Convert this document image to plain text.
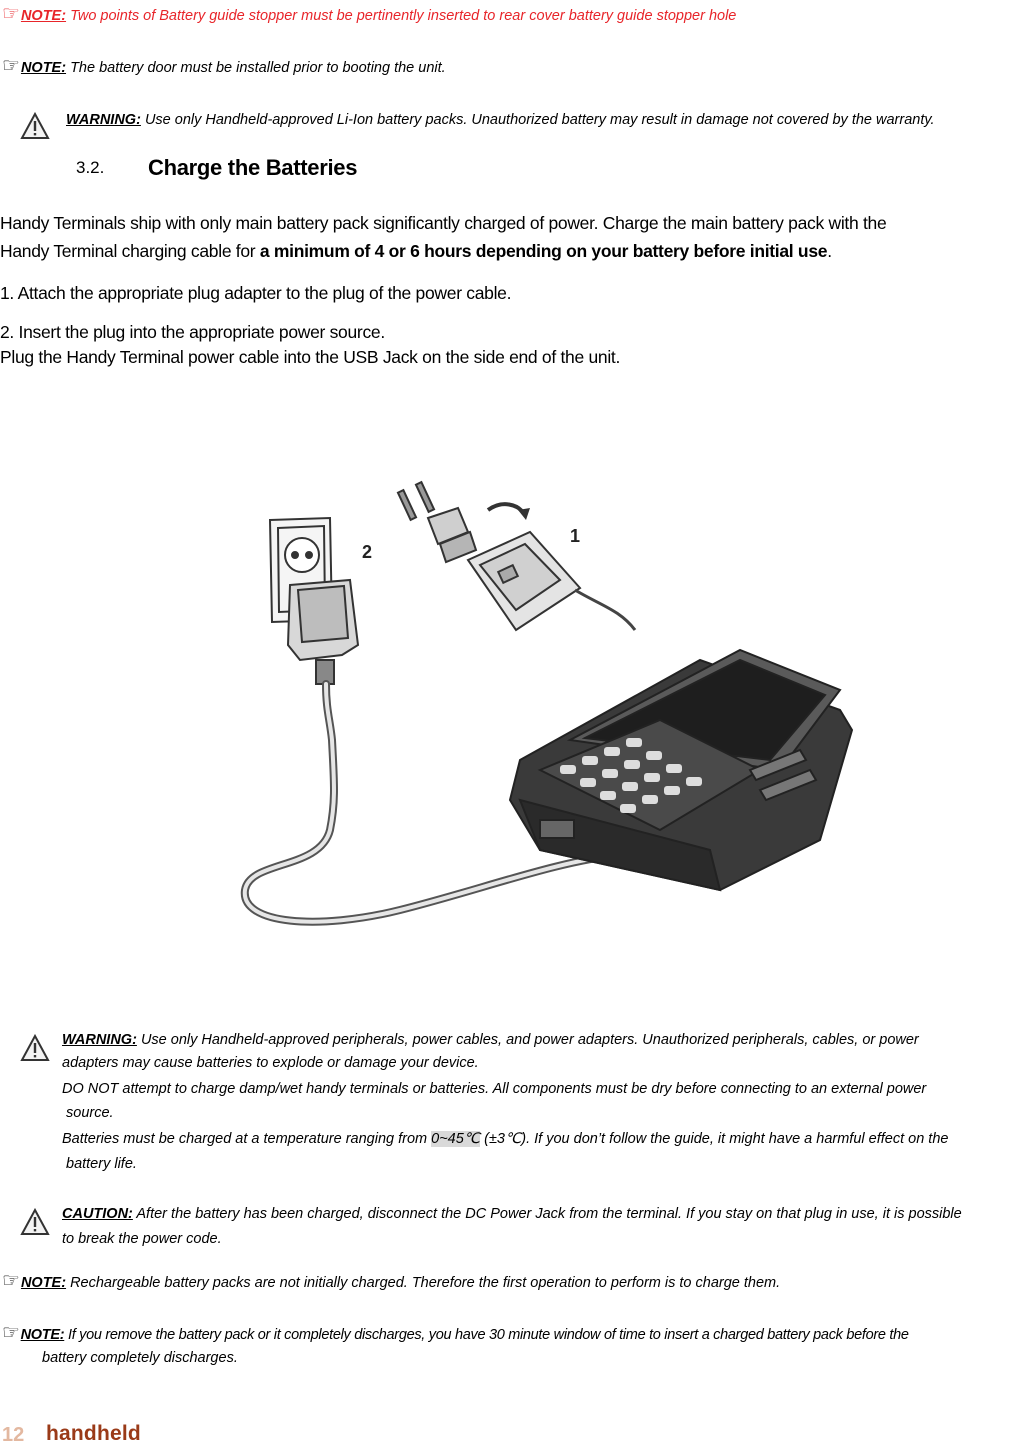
☞NOTE: Two points of Battery guide stopper must be pertinently inserted to rear cover battery guide stopper hole
☞NOTE: The battery door must be installed prior to booting the unit.
WARNING: Use only Handheld-approved Li-Ion battery packs. Unauthorized battery may result in damage not covered by the warranty.
3.2. Charge the Batteries
Handy Terminals ship with only main battery pack significantly charged of power. Charge the main battery pack with the
Handy Terminal charging cable for a minimum of 4 or 6 hours depending on your battery before initial use.
1. Attach the appropriate plug adapter to the plug of the power cable.
2. Insert the plug into the appropriate power source.
Plug the Handy Terminal power cable into the USB Jack on the side end of the unit.
2
1
WARNING: Use only Handheld-approved peripherals, power cables, and power adapters. Unauthorized peripherals, cables, or power
adapters may cause batteries to explode or damage your device.
DO NOT attempt to charge damp/wet handy terminals or batteries. All components must be dry before connecting to an external power
source.
Batteries must be charged at a temperature ranging from 0~45℃ (±3℃). If you don’t follow the guide, it might have a harmful effect on the
battery life.
CAUTION: After the battery has been charged, disconnect the DC Power Jack from the terminal. If you stay on that plug in use, it is possible
to break the power code.
☞NOTE: Rechargeable battery packs are not initially charged. Therefore the first operation to perform is to charge them.
☞NOTE: If you remove the battery pack or it completely discharges, you have 30 minute window of time to insert a charged battery pack before the
battery completely discharges.
12 handheld
